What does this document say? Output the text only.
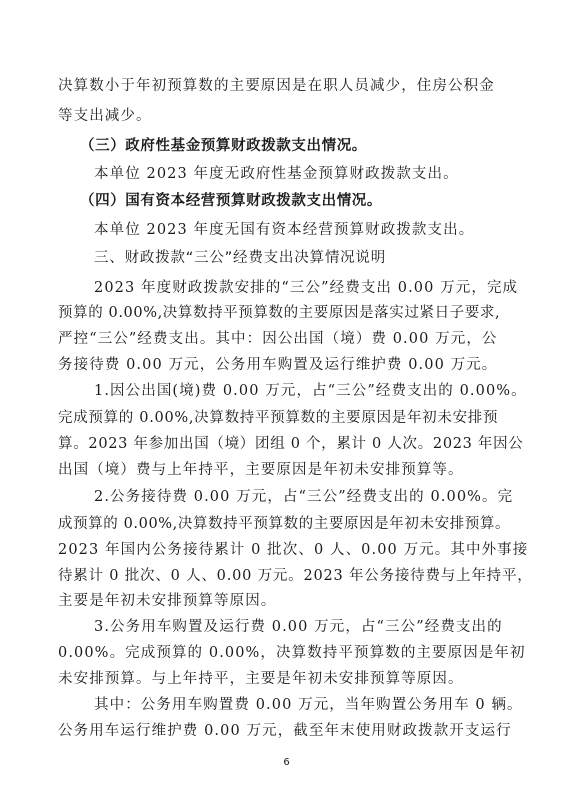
决算数小于年初预算数的主要原因是在职人员减少，住房公积金
等支出减少。
（三）政府性基金预算财政拨款支出情况。
本单位 2023 年度无政府性基金预算财政拨款支出。
（四）国有资本经营预算财政拨款支出情况。
本单位 2023 年度无国有资本经营预算财政拨款支出。
三、财政拨款“三公”经费支出决算情况说明
2023 年度财政拨款安排的“三公”经费支出 0.00 万元，完成
预算的 0.00%,决算数持平预算数的主要原因是落实过紧日子要求,
严控“三公”经费支出。其中：因公出国（境）费 0.00 万元，公
务接待费 0.00 万元，公务用车购置及运行维护费 0.00 万元。
1.因公出国(境)费 0.00 万元，占“三公”经费支出的 0.00%。
完成预算的 0.00%,决算数持平预算数的主要原因是年初未安排预
算。2023 年参加出国（境）团组 0 个，累计 0 人次。2023 年因公
出国（境）费与上年持平，主要原因是年初未安排预算等。
2.公务接待费 0.00 万元，占“三公”经费支出的 0.00%。完
成预算的 0.00%,决算数持平预算数的主要原因是年初未安排预算。
2023 年国内公务接待累计 0 批次、0 人、0.00 万元。其中外事接
待累计 0 批次、0 人、0.00 万元。2023 年公务接待费与上年持平，
主要是年初未安排预算等原因。
3.公务用车购置及运行费 0.00 万元，占“三公”经费支出的
0.00%。完成预算的 0.00%，决算数持平预算数的主要原因是年初
未安排预算。与上年持平，主要是年初未安排预算等原因。
其中：公务用车购置费 0.00 万元，当年购置公务用车 0 辆。
公务用车运行维护费 0.00 万元，截至年末使用财政拨款开支运行
6
